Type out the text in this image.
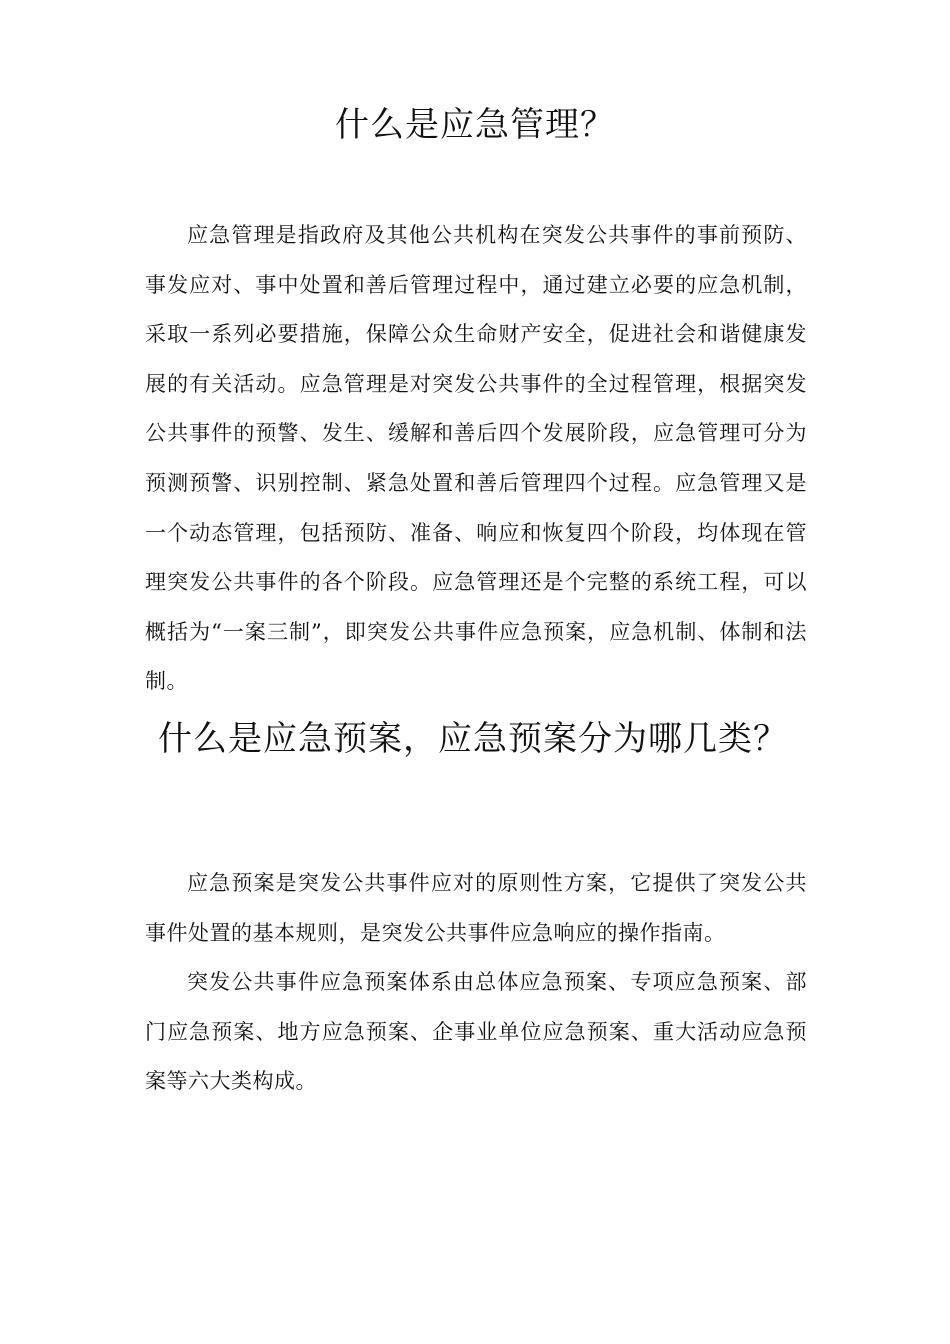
什么是应急管理？

应急管理是指政府及其他公共机构在突发公共事件的事前预防、事发应对、事中处置和善后管理过程中，通过建立必要的应急机制，采取一系列必要措施，保障公众生命财产安全，促进社会和谐健康发展的有关活动。应急管理是对突发公共事件的全过程管理，根据突发公共事件的预警、发生、缓解和善后四个发展阶段，应急管理可分为预测预警、识别控制、紧急处置和善后管理四个过程。应急管理又是一个动态管理，包括预防、准备、响应和恢复四个阶段，均体现在管理突发公共事件的各个阶段。应急管理还是个完整的系统工程，可以概括为“一案三制”，即突发公共事件应急预案，应急机制、体制和法制。

什么是应急预案，应急预案分为哪几类？

应急预案是突发公共事件应对的原则性方案，它提供了突发公共事件处置的基本规则，是突发公共事件应急响应的操作指南。

突发公共事件应急预案体系由总体应急预案、专项应急预案、部门应急预案、地方应急预案、企事业单位应急预案、重大活动应急预案等六大类构成。
